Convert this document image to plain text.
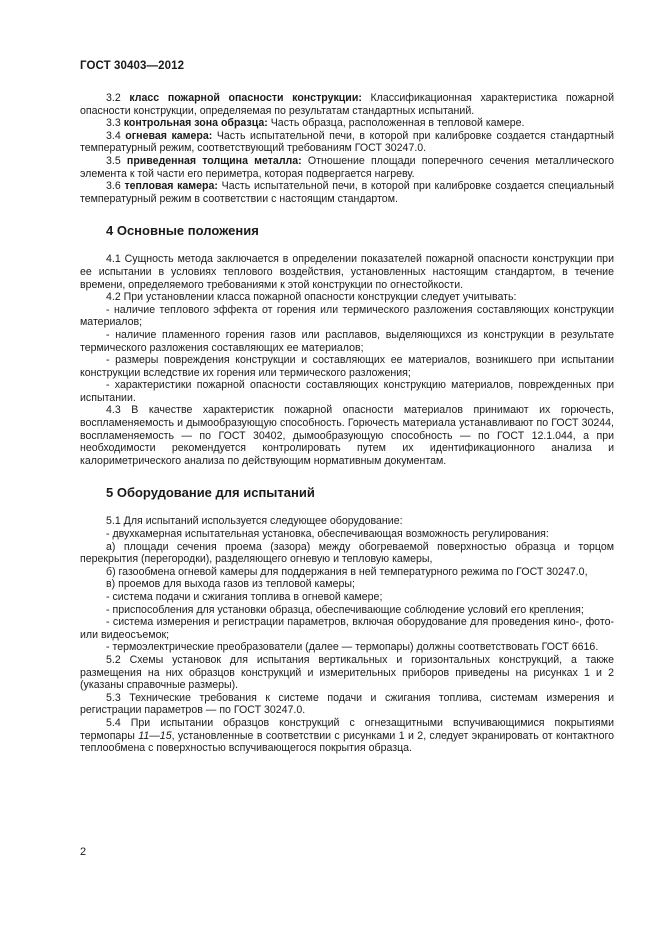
ГОСТ 30403—2012

3.2 класс пожарной опасности конструкции: Классификационная характеристика пожарной опасности конструкции, определяемая по результатам стандартных испытаний.

3.3 контрольная зона образца: Часть образца, расположенная в тепловой камере.

3.4 огневая камера: Часть испытательной печи, в которой при калибровке создается стандартный температурный режим, соответствующий требованиям ГОСТ 30247.0.

3.5 приведенная толщина металла: Отношение площади поперечного сечения металлического элемента к той части его периметра, которая подвергается нагреву.

3.6 тепловая камера: Часть испытательной печи, в которой при калибровке создается специальный температурный режим в соответствии с настоящим стандартом.

4 Основные положения

4.1 Сущность метода заключается в определении показателей пожарной опасности конструкции при ее испытании в условиях теплового воздействия, установленных настоящим стандартом, в течение времени, определяемого требованиями к этой конструкции по огнестойкости.

4.2 При установлении класса пожарной опасности конструкции следует учитывать:

- наличие теплового эффекта от горения или термического разложения составляющих конструкции материалов;

- наличие пламенного горения газов или расплавов, выделяющихся из конструкции в результате термического разложения составляющих ее материалов;

- размеры повреждения конструкции и составляющих ее материалов, возникшего при испытании конструкции вследствие их горения или термического разложения;

- характеристики пожарной опасности составляющих конструкцию материалов, поврежденных при испытании.

4.3 В качестве характеристик пожарной опасности материалов принимают их горючесть, воспламеняемость и дымообразующую способность. Горючесть материала устанавливают по ГОСТ 30244, воспламеняемость — по ГОСТ 30402, дымообразующую способность — по ГОСТ 12.1.044, а при необходимости рекомендуется контролировать путем их идентификационного анализа и калориметрического анализа по действующим нормативным документам.

5 Оборудование для испытаний

5.1 Для испытаний используется следующее оборудование:

- двухкамерная испытательная установка, обеспечивающая возможность регулирования:

а) площади сечения проема (зазора) между обогреваемой поверхностью образца и торцом перекрытия (перегородки), разделяющего огневую и тепловую камеры,

б) газообмена огневой камеры для поддержания в ней температурного режима по ГОСТ 30247.0,

в) проемов для выхода газов из тепловой камеры;

- система подачи и сжигания топлива в огневой камере;

- приспособления для установки образца, обеспечивающие соблюдение условий его крепления;

- система измерения и регистрации параметров, включая оборудование для проведения кино-, фото- или видеосъемок;

- термоэлектрические преобразователи (далее — термопары) должны соответствовать ГОСТ 6616.

5.2 Схемы установок для испытания вертикальных и горизонтальных конструкций, а также размещения на них образцов конструкций и измерительных приборов приведены на рисунках 1 и 2 (указаны справочные размеры).

5.3 Технические требования к системе подачи и сжигания топлива, системам измерения и регистрации параметров — по ГОСТ 30247.0.

5.4 При испытании образцов конструкций с огнезащитными вспучивающимися покрытиями термопары 11—15, установленные в соответствии с рисунками 1 и 2, следует экранировать от контактного теплообмена с поверхностью вспучивающегося покрытия образца.

2
